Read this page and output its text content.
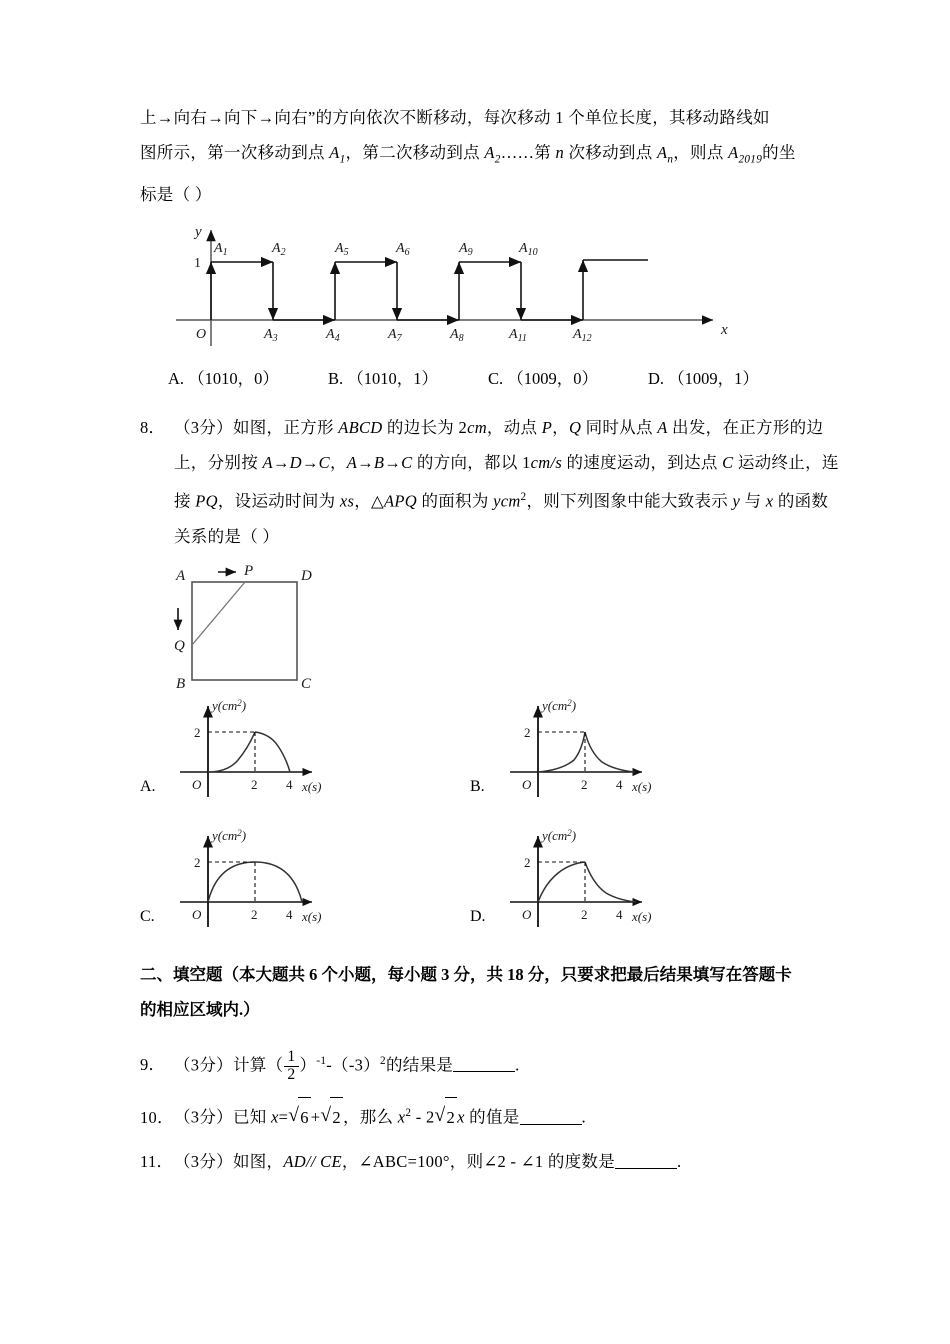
上→向右→向下→向右”的方向依次不断移动，每次移动 1 个单位长度，其移动路线如
图所示，第一次移动到点 $A_1$，第二次移动到点 $A_2\dots\dots$第 n 次移动到点 $A_n$，则点 $A_{2019}$的坐
标是（ ）
y
x
O
1
$A_1$	$A_2$	$A_5$	$A_6$	$A_9$	$A_{10}$
$A_3$	$A_4$	$A_7$	$A_8$	$A_{11}$	$A_{12}$
A. （1010，0）	B. （1010，1）	C. （1009，0）	D. （1009，1）
8． （3分）如图，正方形 ABCD 的边长为 2cm，动点 P，Q 同时从点 A 出发，在正方形的边
上，分别按 A→D→C，A→B→C 的方向，都以 1cm/s 的速度运动，到达点 C 运动终止，连
接 PQ，设运动时间为 xs，△APQ 的面积为 ycm$^2$，则下列图象中能大致表示 y 与 x 的函数
关系的是（ ）
A	D
B	C
P
Q
2
O	2 4 x(s)
$y(cm^2)$
A.
2
O	2 4 x(s)
$y(cm^2)$
B.
2
O	2 4 x(s)
$y(cm^2)$
C.
2
O	2 4 x(s)
$y(cm^2)$
D.
二、填空题（本大题共 6 个小题，每小题 3 分，共 18 分，只要求把最后结果填写在答题卡
的相应区域内.）
9． （3分）计算（ $\frac{1}{2} )^{-1}-(-3)^2$的结果是	.
10．（3分）已知 x= √ 6 + √ 2 ，那么 $x^2 - 2$ √ 2 x 的值是	.
11．（3分）如图，AD// CE，∠ABC=100°，则∠2 - ∠1 的度数是	.
